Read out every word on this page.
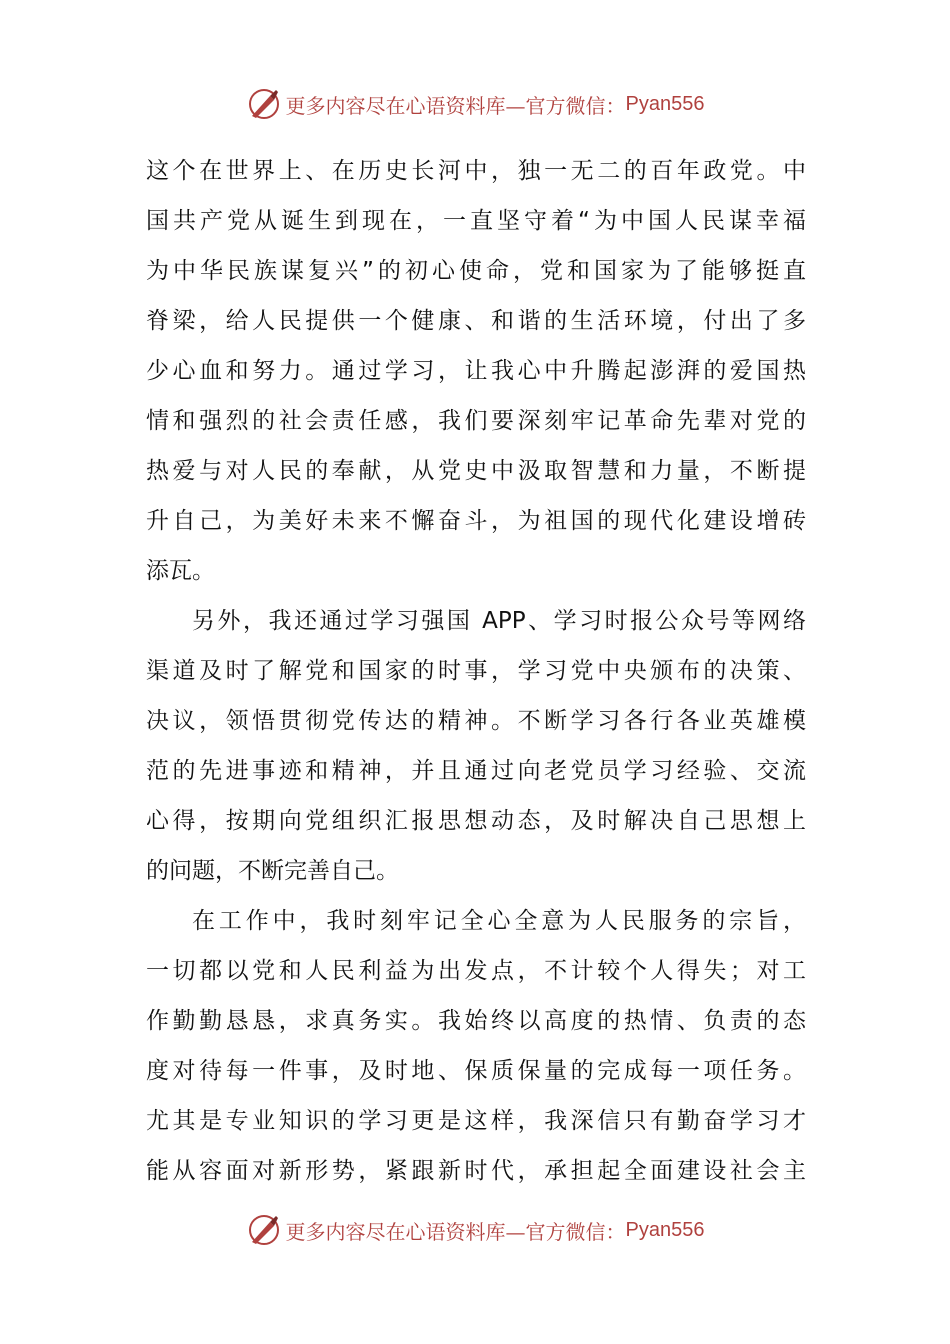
更多内容尽在心语资料库—官方微信： Pyan556
这个在世界上、在历史长河中，独一无二的百年政党。中
国共产党从诞生到现在，一直坚守着“为中国人民谋幸福
为中华民族谋复兴”的初心使命，党和国家为了能够挺直
脊梁，给人民提供一个健康、和谐的生活环境，付出了多
少心血和努力。通过学习，让我心中升腾起澎湃的爱国热
情和强烈的社会责任感，我们要深刻牢记革命先辈对党的
热爱与对人民的奉献，从党史中汲取智慧和力量，不断提
升自己，为美好未来不懈奋斗，为祖国的现代化建设增砖
添瓦。
另外，我还通过学习强国 APP、学习时报公众号等网络
渠道及时了解党和国家的时事，学习党中央颁布的决策、
决议，领悟贯彻党传达的精神。不断学习各行各业英雄模
范的先进事迹和精神，并且通过向老党员学习经验、交流
心得，按期向党组织汇报思想动态，及时解决自己思想上
的问题，不断完善自己。
在工作中，我时刻牢记全心全意为人民服务的宗旨，
一切都以党和人民利益为出发点，不计较个人得失；对工
作勤勤恳恳，求真务实。我始终以高度的热情、负责的态
度对待每一件事，及时地、保质保量的完成每一项任务。
尤其是专业知识的学习更是这样，我深信只有勤奋学习才
能从容面对新形势，紧跟新时代，承担起全面建设社会主
更多内容尽在心语资料库—官方微信： Pyan556
